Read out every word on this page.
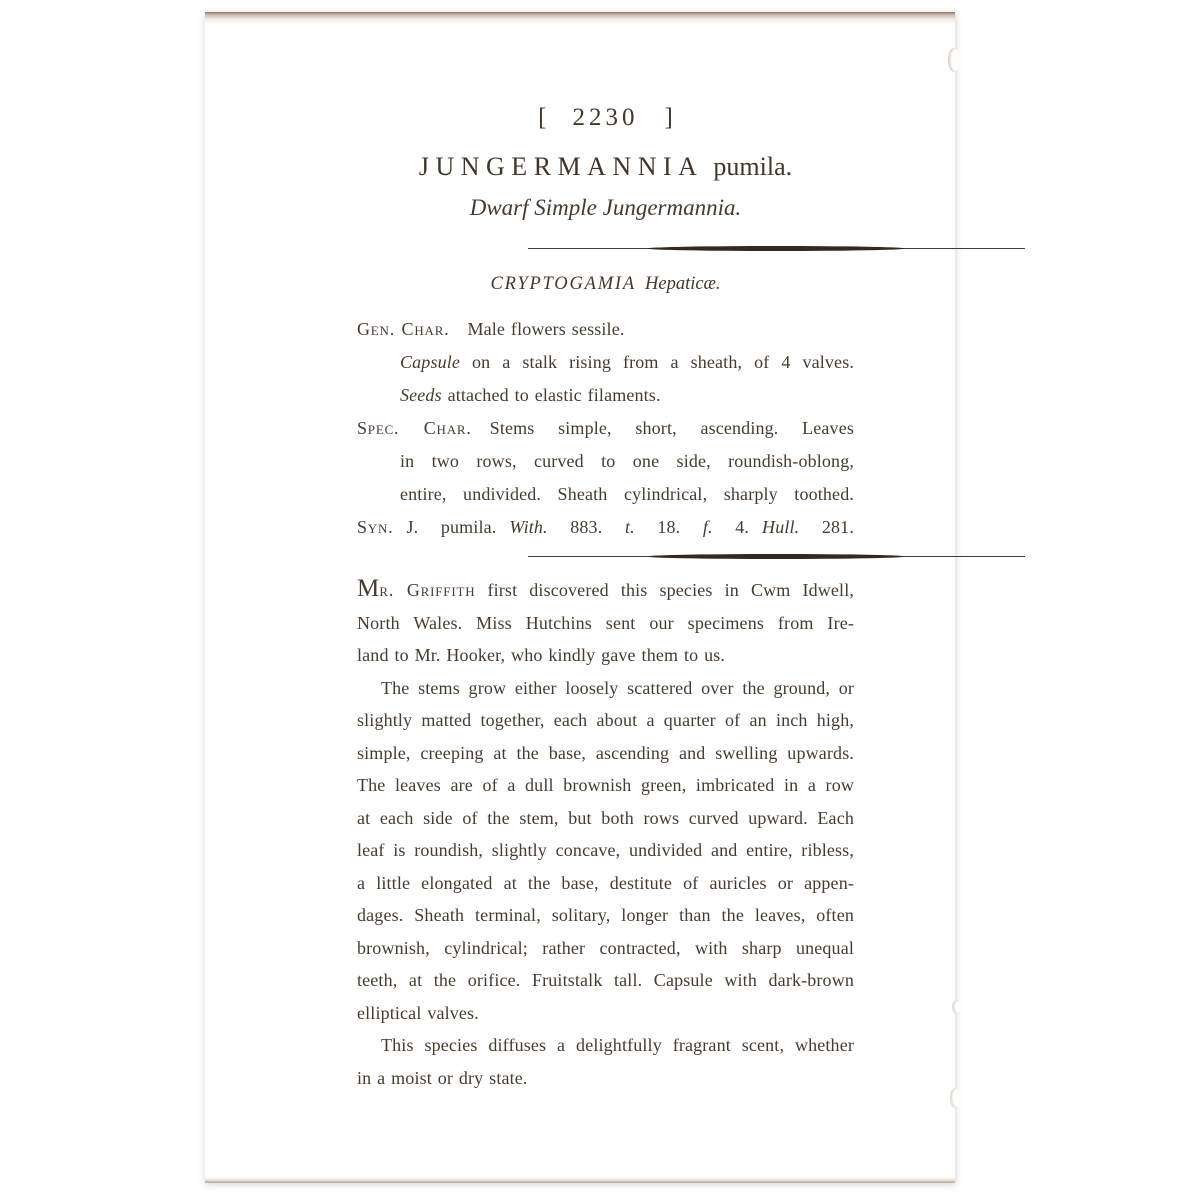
[ 2230 ]
JUNGERMANNIA pumila.
Dwarf Simple Jungermannia.
CRYPTOGAMIA Hepaticæ.
Gen. Char. Male flowers sessile.
Capsule on a stalk rising from a sheath, of 4 valves.
Seeds attached to elastic filaments.
Spec. Char. Stems simple, short, ascending. Leaves
in two rows, curved to one side, roundish-oblong,
entire, undivided. Sheath cylindrical, sharply toothed.
Syn. J. pumila. With. 883. t. 18. f. 4. Hull. 281.
Mr. Griffith first discovered this species in Cwm Idwell,
North Wales. Miss Hutchins sent our specimens from Ire-
land to Mr. Hooker, who kindly gave them to us.
The stems grow either loosely scattered over the ground, or
slightly matted together, each about a quarter of an inch high,
simple, creeping at the base, ascending and swelling upwards.
The leaves are of a dull brownish green, imbricated in a row
at each side of the stem, but both rows curved upward. Each
leaf is roundish, slightly concave, undivided and entire, ribless,
a little elongated at the base, destitute of auricles or appen-
dages. Sheath terminal, solitary, longer than the leaves, often
brownish, cylindrical; rather contracted, with sharp unequal
teeth, at the orifice. Fruitstalk tall. Capsule with dark-brown
elliptical valves.
This species diffuses a delightfully fragrant scent, whether
in a moist or dry state.
